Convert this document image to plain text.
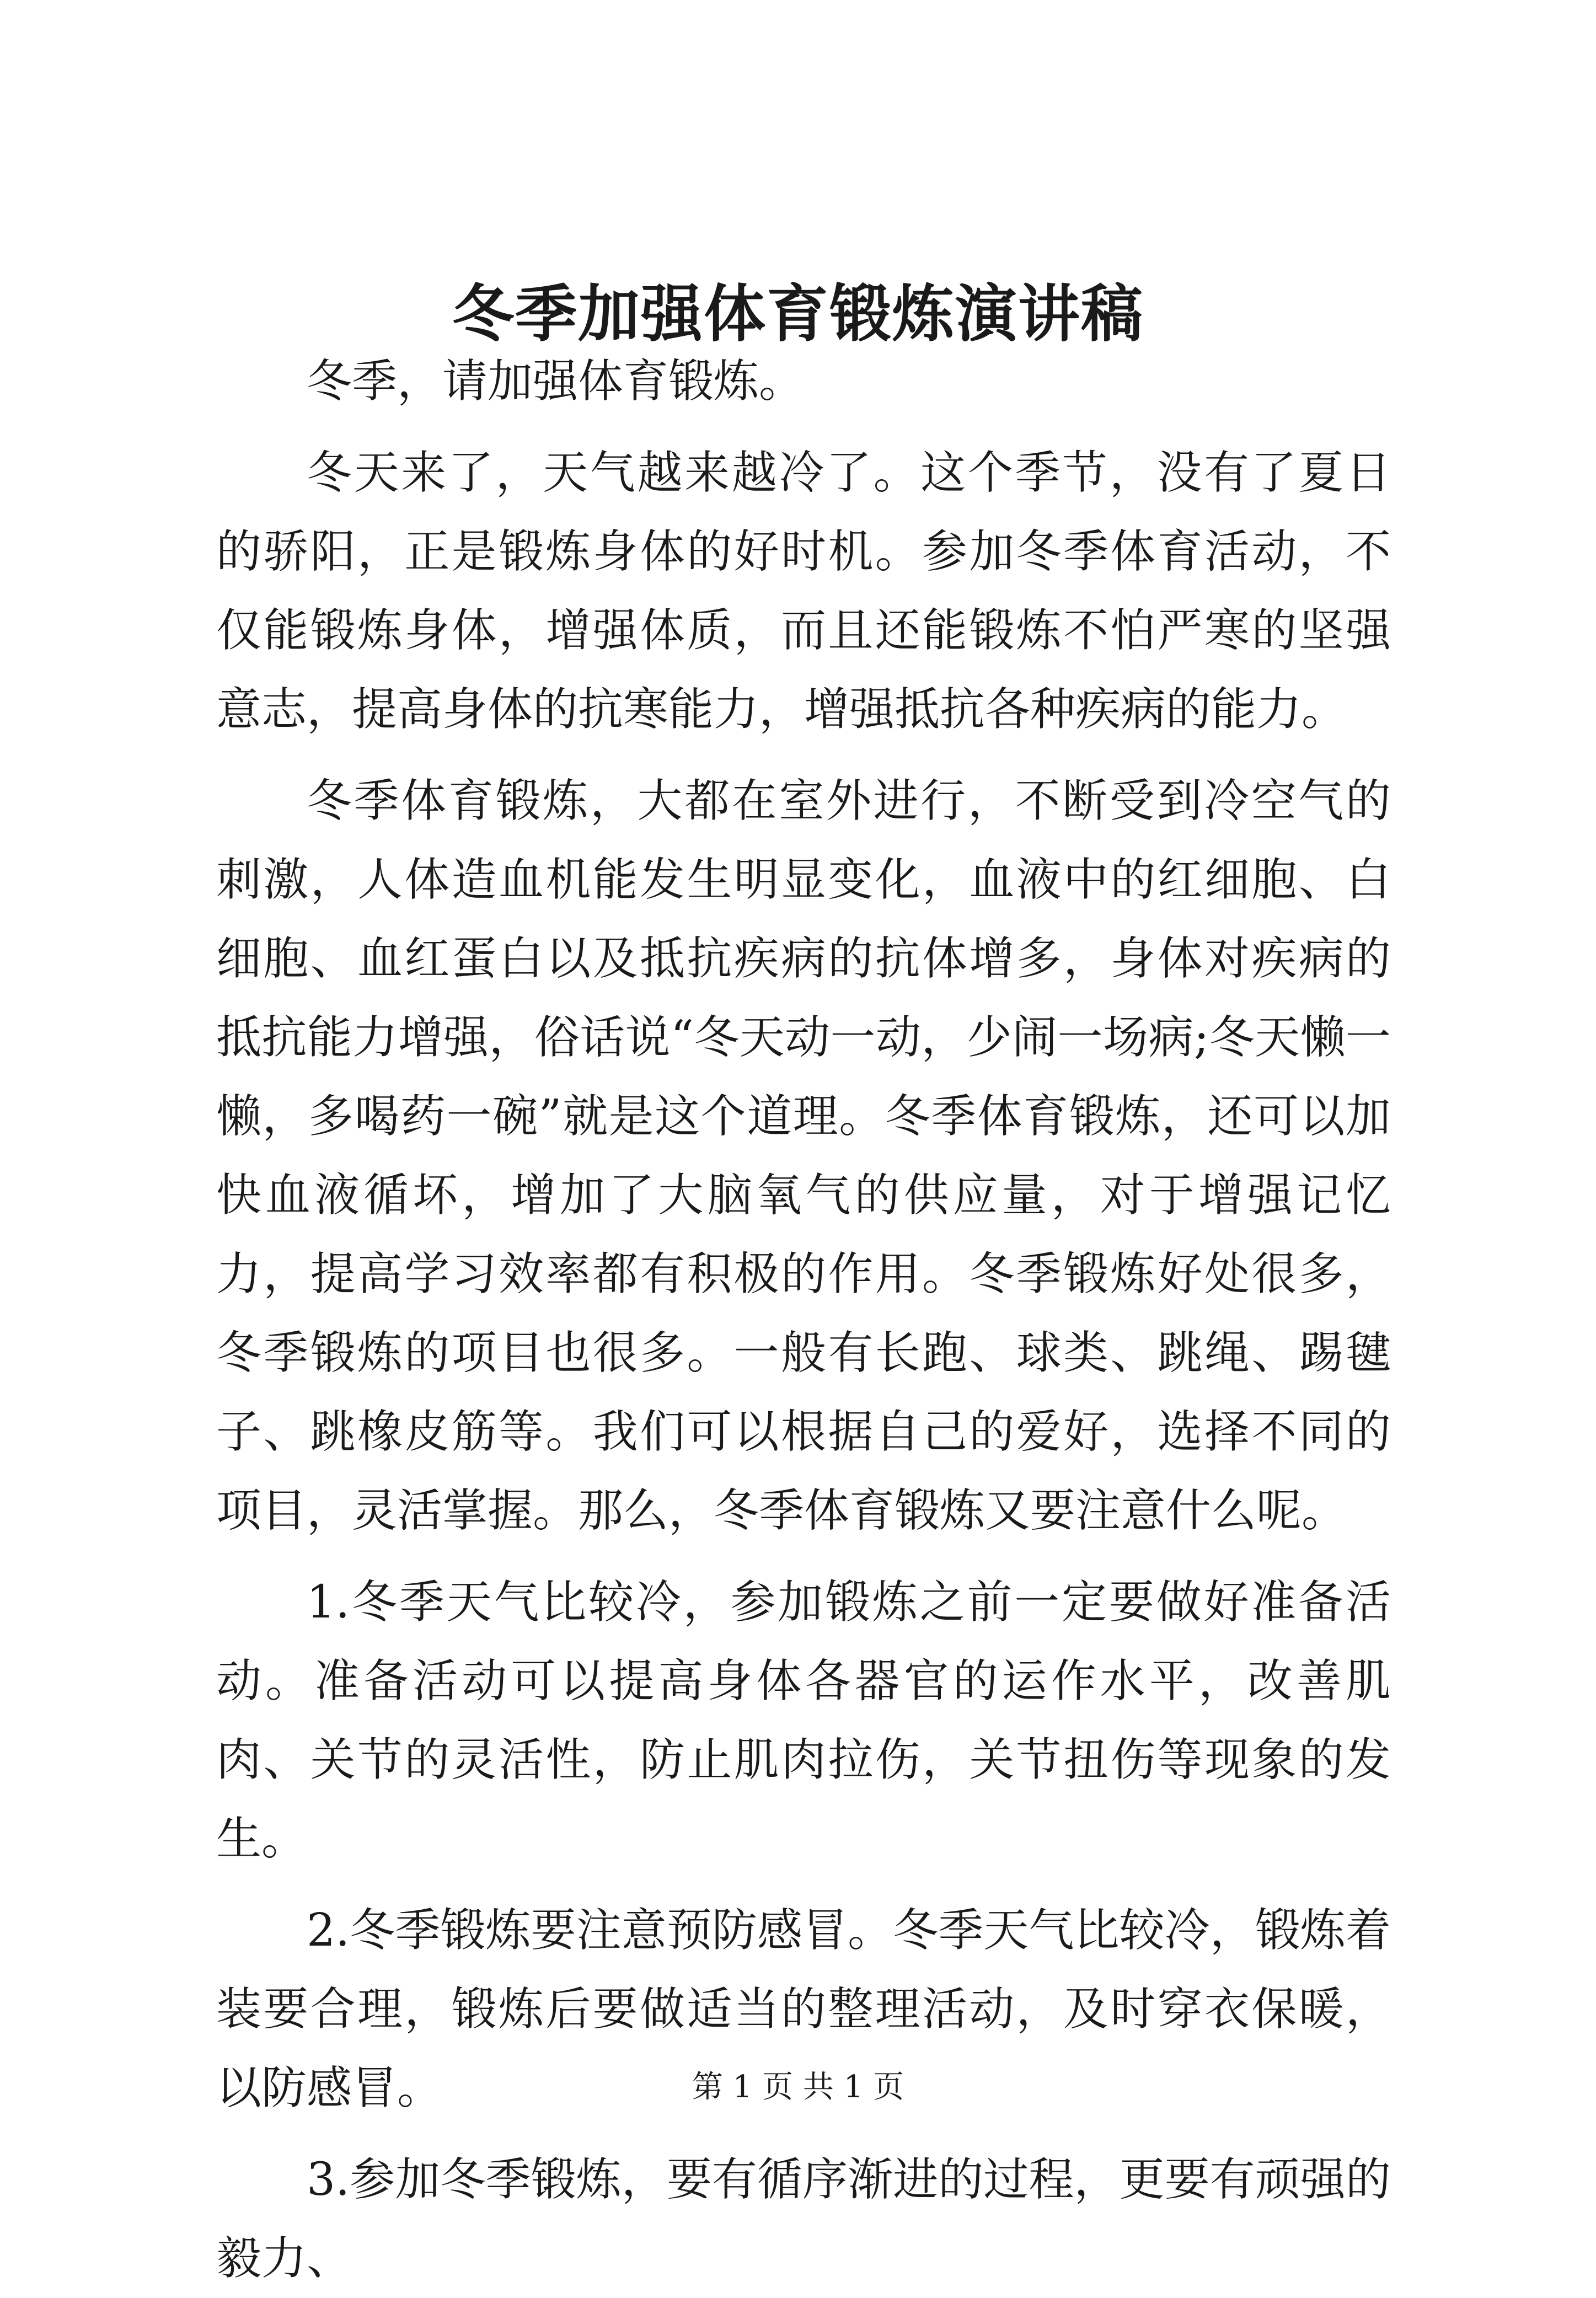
冬季加强体育锻炼演讲稿

冬季，请加强体育锻炼。

冬天来了，天气越来越冷了。这个季节，没有了夏日的骄阳，正是锻炼身体的好时机。参加冬季体育活动，不仅能锻炼身体，增强体质，而且还能锻炼不怕严寒的坚强意志，提高身体的抗寒能力，增强抵抗各种疾病的能力。

冬季体育锻炼，大都在室外进行，不断受到冷空气的刺激，人体造血机能发生明显变化，血液中的红细胞、白细胞、血红蛋白以及抵抗疾病的抗体增多，身体对疾病的抵抗能力增强，俗话说“冬天动一动，少闹一场病;冬天懒一懒，多喝药一碗”就是这个道理。冬季体育锻炼，还可以加快血液循坏，增加了大脑氧气的供应量，对于增强记忆力，提高学习效率都有积极的作用。冬季锻炼好处很多，冬季锻炼的项目也很多。一般有长跑、球类、跳绳、踢毽子、跳橡皮筋等。我们可以根据自己的爱好，选择不同的项目，灵活掌握。那么，冬季体育锻炼又要注意什么呢。

1.冬季天气比较冷，参加锻炼之前一定要做好准备活动。准备活动可以提高身体各器官的运作水平，改善肌肉、关节的灵活性，防止肌肉拉伤，关节扭伤等现象的发生。

2.冬季锻炼要注意预防感冒。冬季天气比较冷，锻炼着装要合理，锻炼后要做适当的整理活动，及时穿衣保暖，以防感冒。

3.参加冬季锻炼，要有循序渐进的过程，更要有顽强的毅力、

第 1 页 共 1 页
